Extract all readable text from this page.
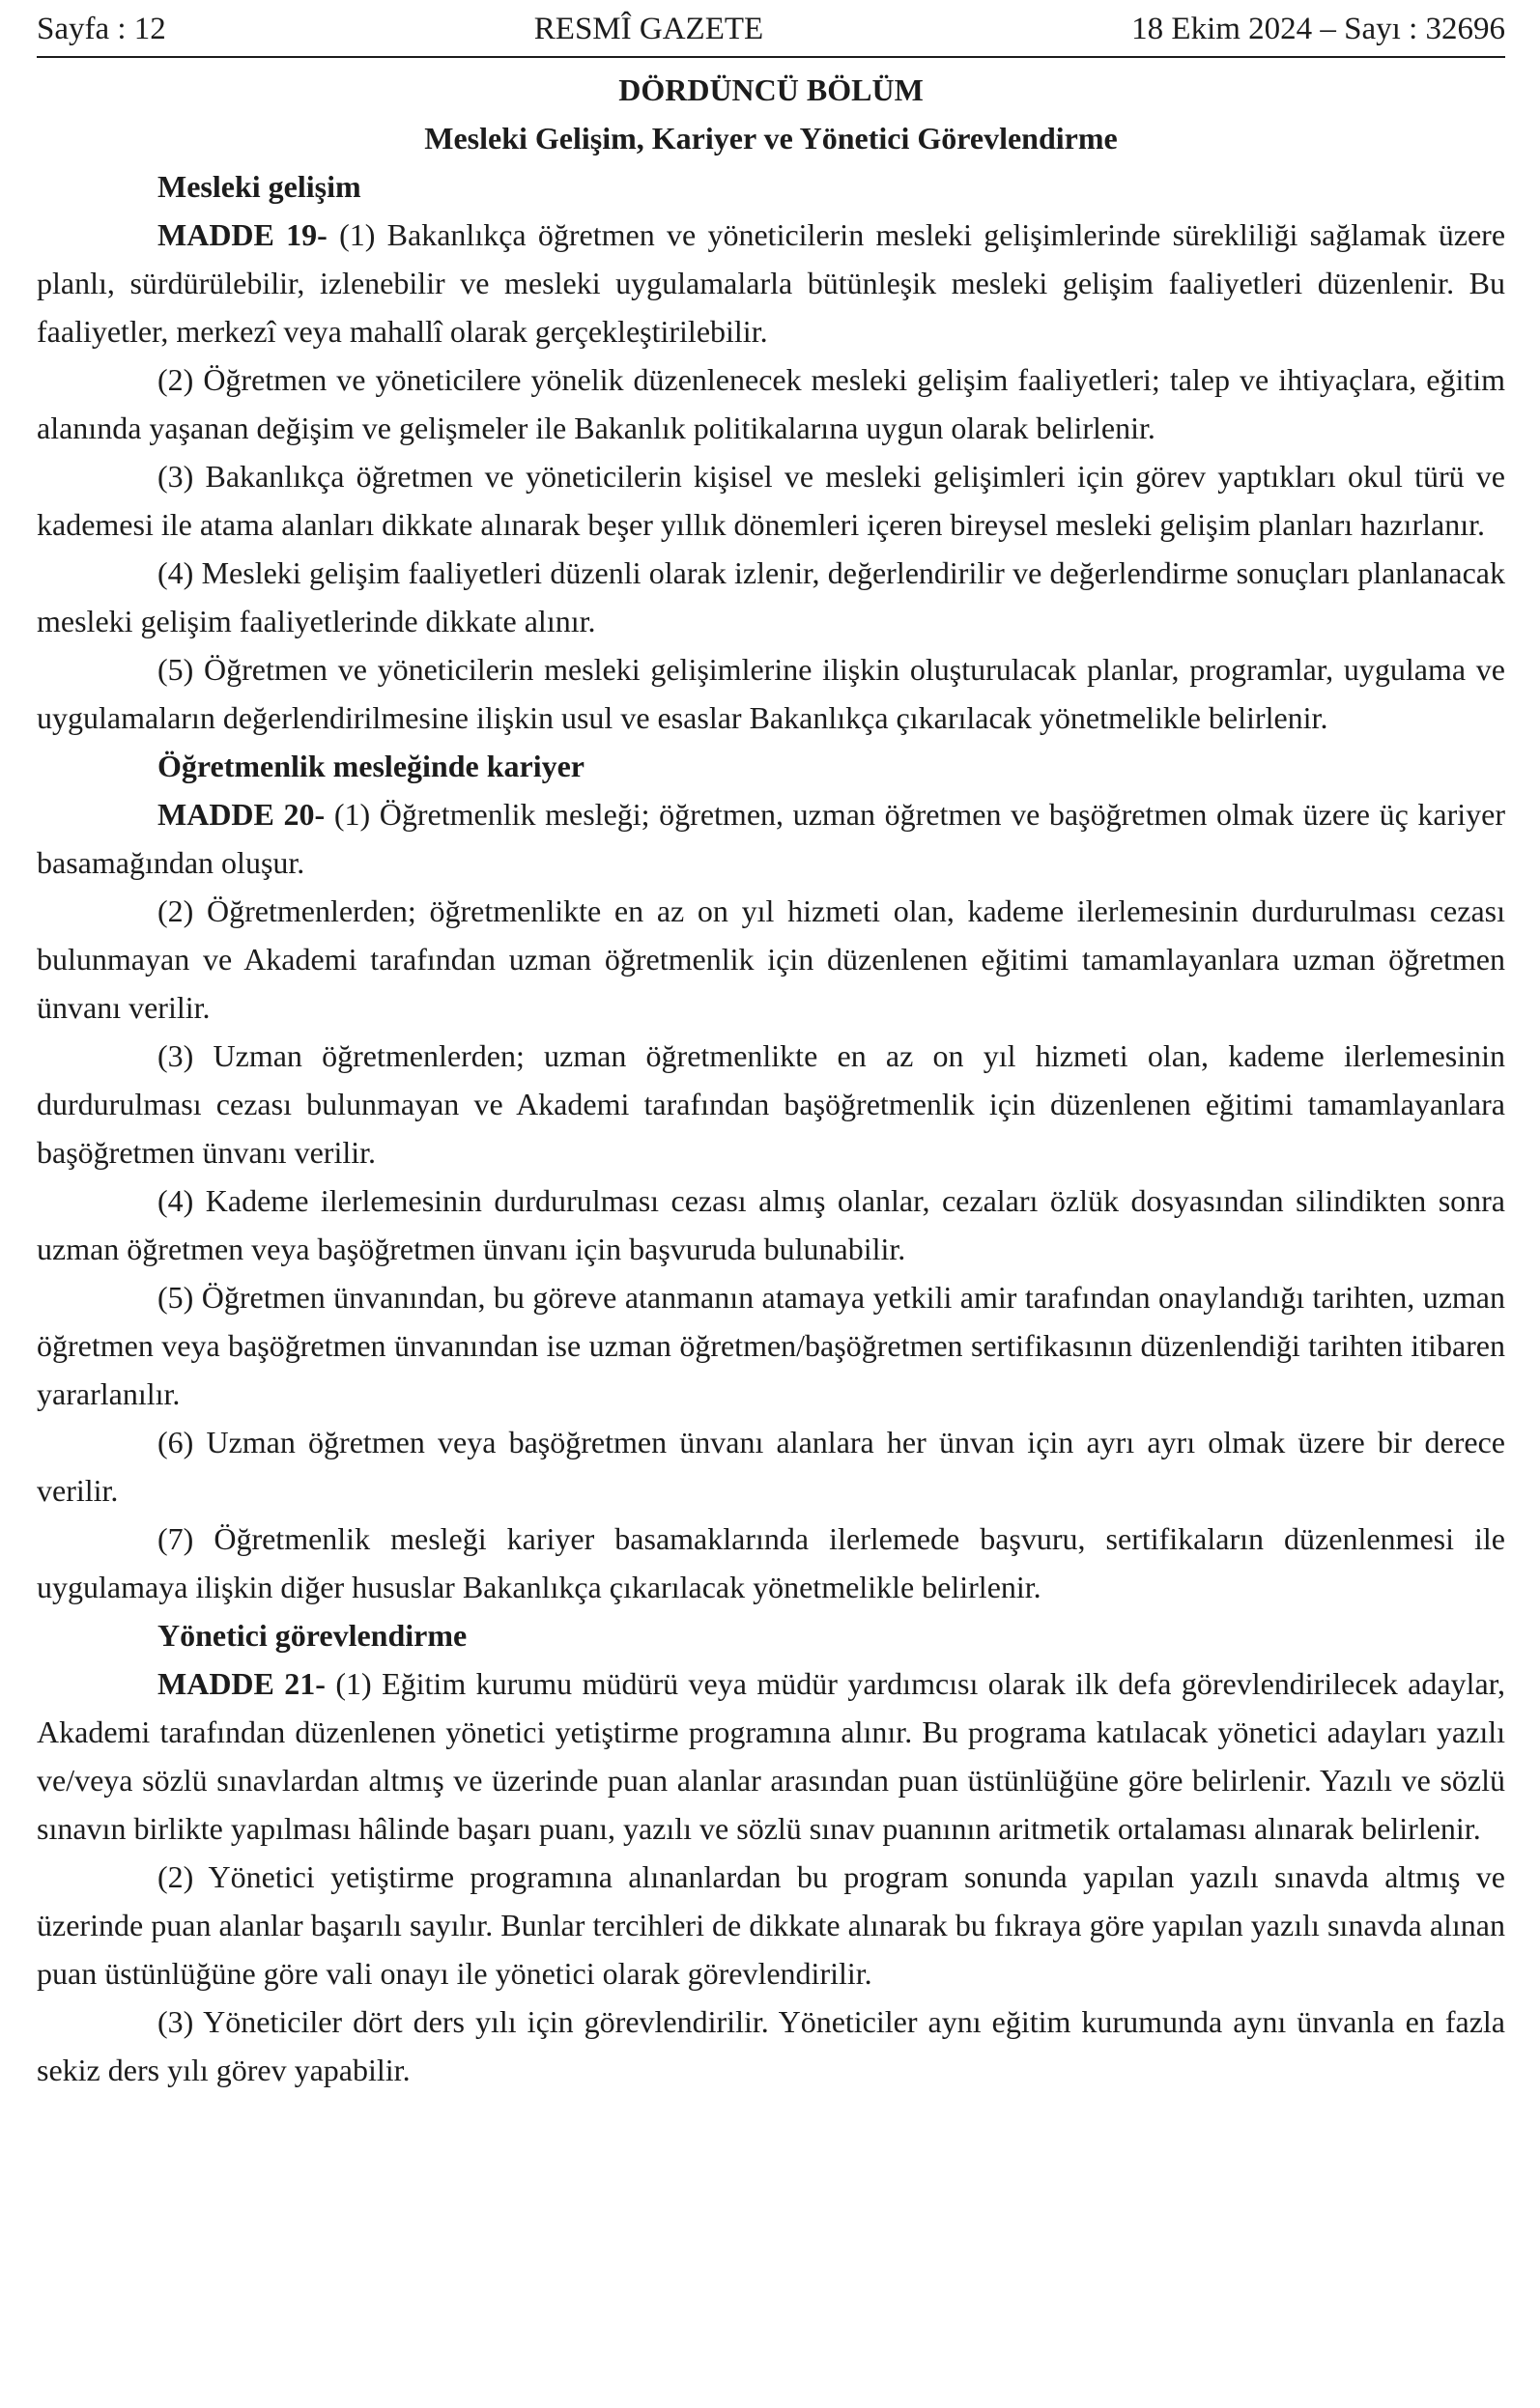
Sayfa : 12	RESMÎ GAZETE	18 Ekim 2024 – Sayı : 32696

DÖRDÜNCÜ BÖLÜM

Mesleki Gelişim, Kariyer ve Yönetici Görevlendirme

Mesleki gelişim

MADDE 19- (1) Bakanlıkça öğretmen ve yöneticilerin mesleki gelişimlerinde sürekliliği sağlamak üzere planlı, sürdürülebilir, izlenebilir ve mesleki uygulamalarla bütünleşik mesleki gelişim faaliyetleri düzenlenir. Bu faaliyetler, merkezî veya mahallî olarak gerçekleştirilebilir.

(2) Öğretmen ve yöneticilere yönelik düzenlenecek mesleki gelişim faaliyetleri; talep ve ihtiyaçlara, eğitim alanında yaşanan değişim ve gelişmeler ile Bakanlık politikalarına uygun olarak belirlenir.

(3) Bakanlıkça öğretmen ve yöneticilerin kişisel ve mesleki gelişimleri için görev yaptıkları okul türü ve kademesi ile atama alanları dikkate alınarak beşer yıllık dönemleri içeren bireysel mesleki gelişim planları hazırlanır.

(4) Mesleki gelişim faaliyetleri düzenli olarak izlenir, değerlendirilir ve değerlendirme sonuçları planlanacak mesleki gelişim faaliyetlerinde dikkate alınır.

(5) Öğretmen ve yöneticilerin mesleki gelişimlerine ilişkin oluşturulacak planlar, programlar, uygulama ve uygulamaların değerlendirilmesine ilişkin usul ve esaslar Bakanlıkça çıkarılacak yönetmelikle belirlenir.

Öğretmenlik mesleğinde kariyer

MADDE 20- (1) Öğretmenlik mesleği; öğretmen, uzman öğretmen ve başöğretmen olmak üzere üç kariyer basamağından oluşur.

(2) Öğretmenlerden; öğretmenlikte en az on yıl hizmeti olan, kademe ilerlemesinin durdurulması cezası bulunmayan ve Akademi tarafından uzman öğretmenlik için düzenlenen eğitimi tamamlayanlara uzman öğretmen ünvanı verilir.

(3) Uzman öğretmenlerden; uzman öğretmenlikte en az on yıl hizmeti olan, kademe ilerlemesinin durdurulması cezası bulunmayan ve Akademi tarafından başöğretmenlik için düzenlenen eğitimi tamamlayanlara başöğretmen ünvanı verilir.

(4) Kademe ilerlemesinin durdurulması cezası almış olanlar, cezaları özlük dosyasından silindikten sonra uzman öğretmen veya başöğretmen ünvanı için başvuruda bulunabilir.

(5) Öğretmen ünvanından, bu göreve atanmanın atamaya yetkili amir tarafından onaylandığı tarihten, uzman öğretmen veya başöğretmen ünvanından ise uzman öğretmen/başöğretmen sertifikasının düzenlendiği tarihten itibaren yararlanılır.

(6) Uzman öğretmen veya başöğretmen ünvanı alanlara her ünvan için ayrı ayrı olmak üzere bir derece verilir.

(7) Öğretmenlik mesleği kariyer basamaklarında ilerlemede başvuru, sertifikaların düzenlenmesi ile uygulamaya ilişkin diğer hususlar Bakanlıkça çıkarılacak yönetmelikle belirlenir.

Yönetici görevlendirme

MADDE 21- (1) Eğitim kurumu müdürü veya müdür yardımcısı olarak ilk defa görevlendirilecek adaylar, Akademi tarafından düzenlenen yönetici yetiştirme programına alınır. Bu programa katılacak yönetici adayları yazılı ve/veya sözlü sınavlardan altmış ve üzerinde puan alanlar arasından puan üstünlüğüne göre belirlenir. Yazılı ve sözlü sınavın birlikte yapılması hâlinde başarı puanı, yazılı ve sözlü sınav puanının aritmetik ortalaması alınarak belirlenir.

(2) Yönetici yetiştirme programına alınanlardan bu program sonunda yapılan yazılı sınavda altmış ve üzerinde puan alanlar başarılı sayılır. Bunlar tercihleri de dikkate alınarak bu fıkraya göre yapılan yazılı sınavda alınan puan üstünlüğüne göre vali onayı ile yönetici olarak görevlendirilir.

(3) Yöneticiler dört ders yılı için görevlendirilir. Yöneticiler aynı eğitim kurumunda aynı ünvanla en fazla sekiz ders yılı görev yapabilir.
